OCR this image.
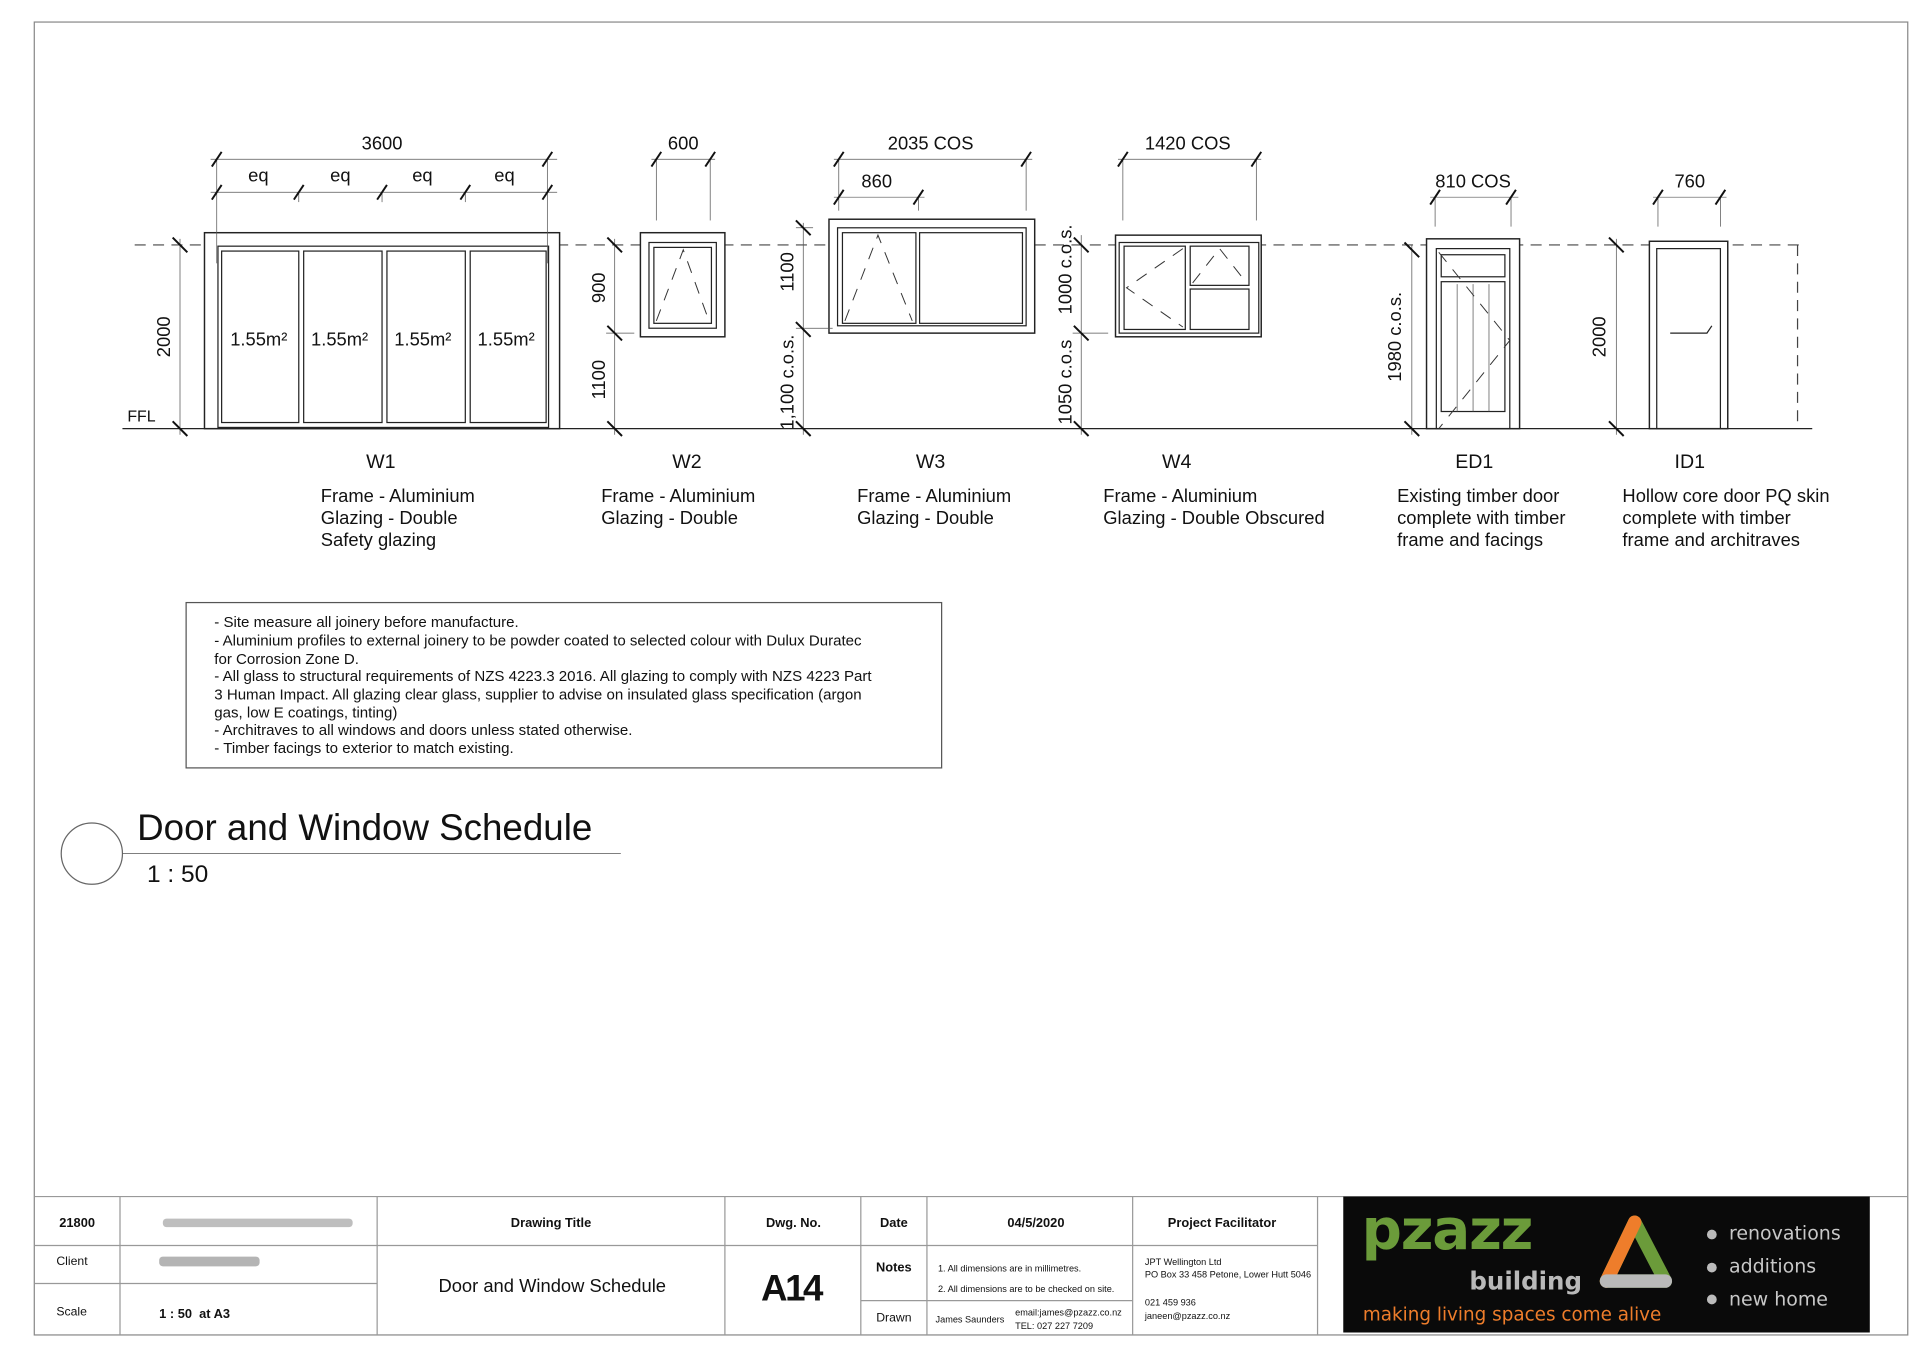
FFL
1.55m² 1.55m² 1.55m² 1.55m²
3600
eq	eq	eq	eq
2000
600
900
1100
2035 COS
860
1100
1,100 c.o.s.
1420 COS
1000 c.o.s.
1050 c.o.s
810 COS
1980 c.o.s.
760
2000
W1	W2	W3	W4	ED1	ID1
Frame - Aluminium
Glazing - Double
Safety glazing
Frame - Aluminium
Glazing - Double
Frame - Aluminium
Glazing - Double
Frame - Aluminium
Glazing - Double Obscured
Existing timber door
complete with timber
frame and facings
Hollow core door PQ skin
complete with timber
frame and architraves
- Site measure all joinery before manufacture.
- Aluminium profiles to external joinery to be powder coated to selected colour with Dulux Duratec
for Corrosion Zone D.
- All glass to structural requirements of NZS 4223.3 2016. All glazing to comply with NZS 4223 Part
3 Human Impact. All glazing clear glass, supplier to advise on insulated glass specification (argon
gas, low E coatings, tinting)
- Architraves to all windows and doors unless stated otherwise.
- Timber facings to exterior to match existing.
Door and Window Schedule
1 : 50
21800
Client
Scale	1 : 50  at A3
Drawing Title
Door and Window Schedule
Dwg. No.
A14
Date	04/5/2020
Notes	1. All dimensions are in millimetres.
2. All dimensions are to be checked on site.
Drawn	James Saunders
email:james@pzazz.co.nz
TEL: 027 227 7209
Project Facilitator
JPT Wellington Ltd
PO Box 33 458 Petone, Lower Hutt 5046
021 459 936
janeen@pzazz.co.nz
pzazz
building
making living spaces come alive
renovations
additions
new home
